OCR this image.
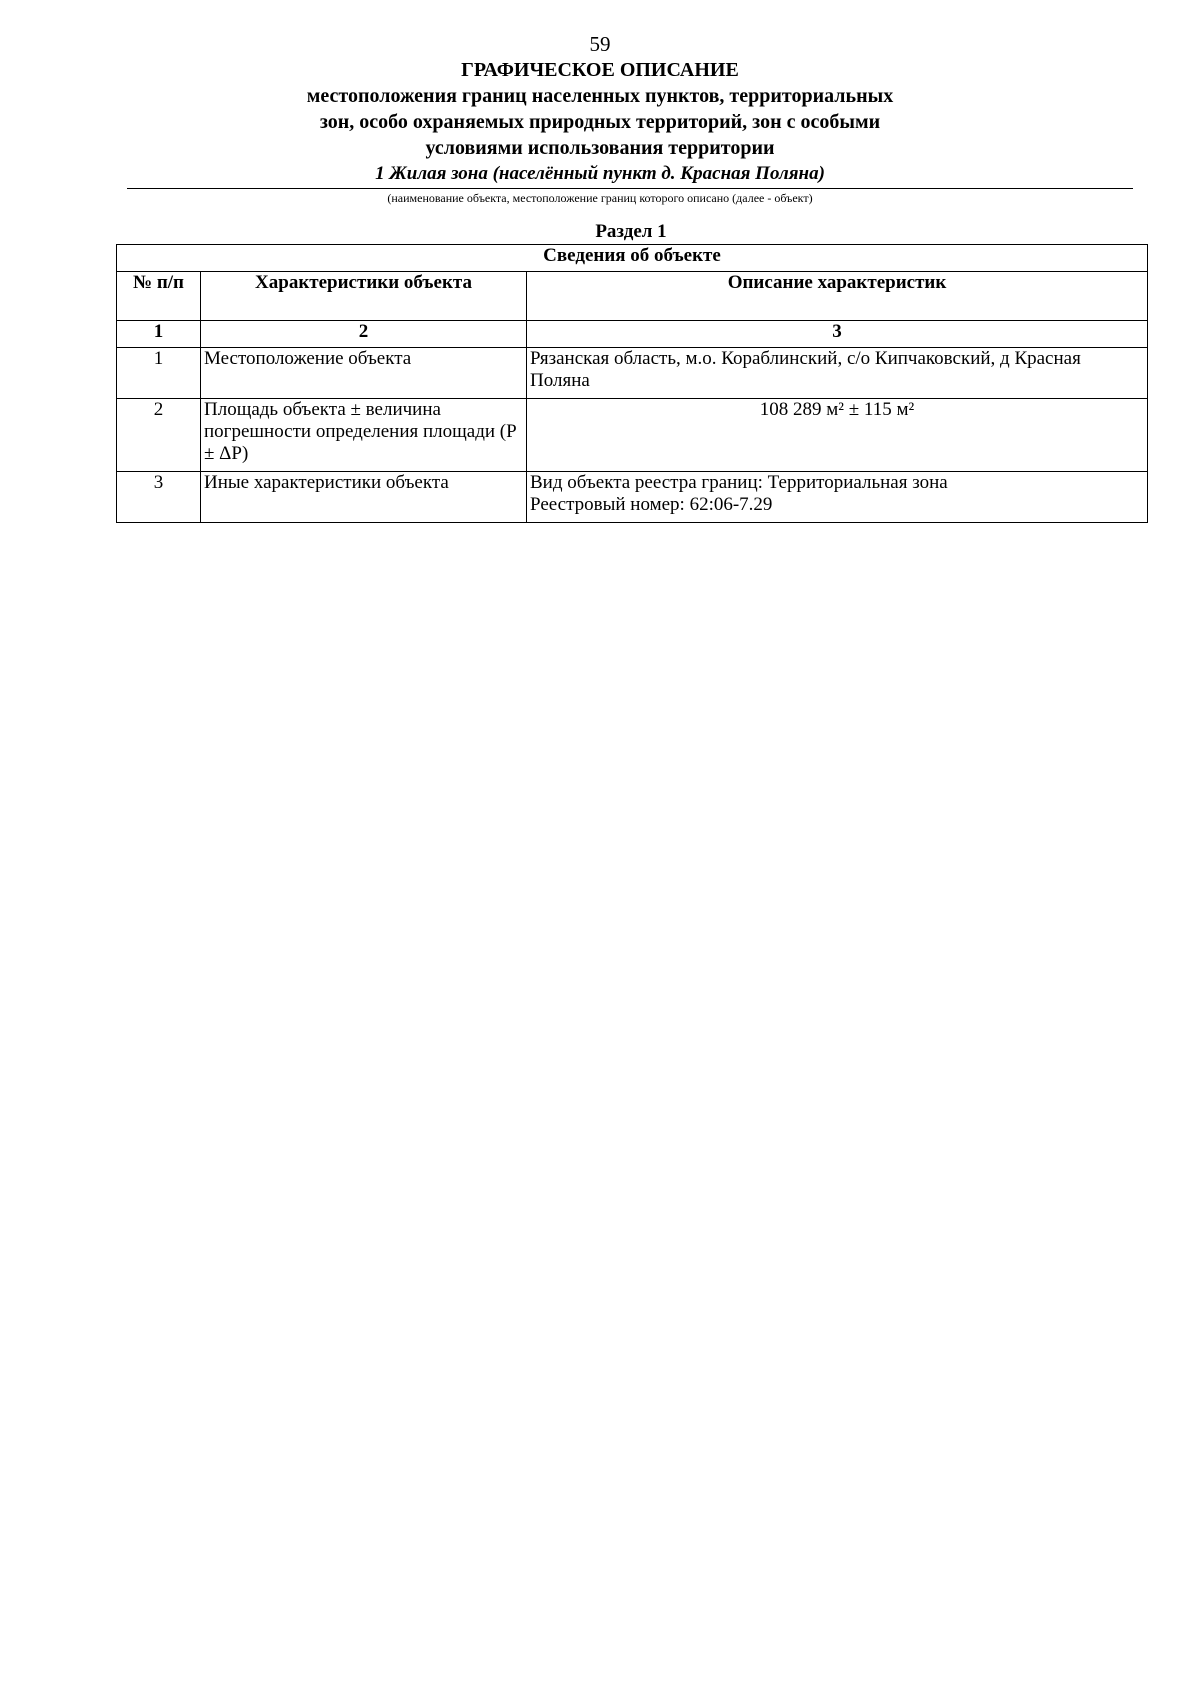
59
ГРАФИЧЕСКОЕ ОПИСАНИЕ
местоположения границ населенных пунктов, территориальных
зон, особо охраняемых природных территорий, зон с особыми
условиями использования территории
1 Жилая зона (населённый пункт д. Красная Поляна)
(наименование объекта, местоположение границ которого описано (далее - объект)
Раздел 1
Сведения об объекте		
№ п/п	Характеристики объекта	Описание характеристик
1	2	3
1	Местоположение объекта	Рязанская область, м.о. Кораблинский, с/о Кипчаковский, д Красная Поляна

2	Площадь объекта ± величина погрешности определения площади (P ± ΔP)	108 289 м² ± 115 м²

3	Иные характеристики объекта	Вид объекта реестра границ: Территориальная зона
Реестровый номер: 62:06-7.29
